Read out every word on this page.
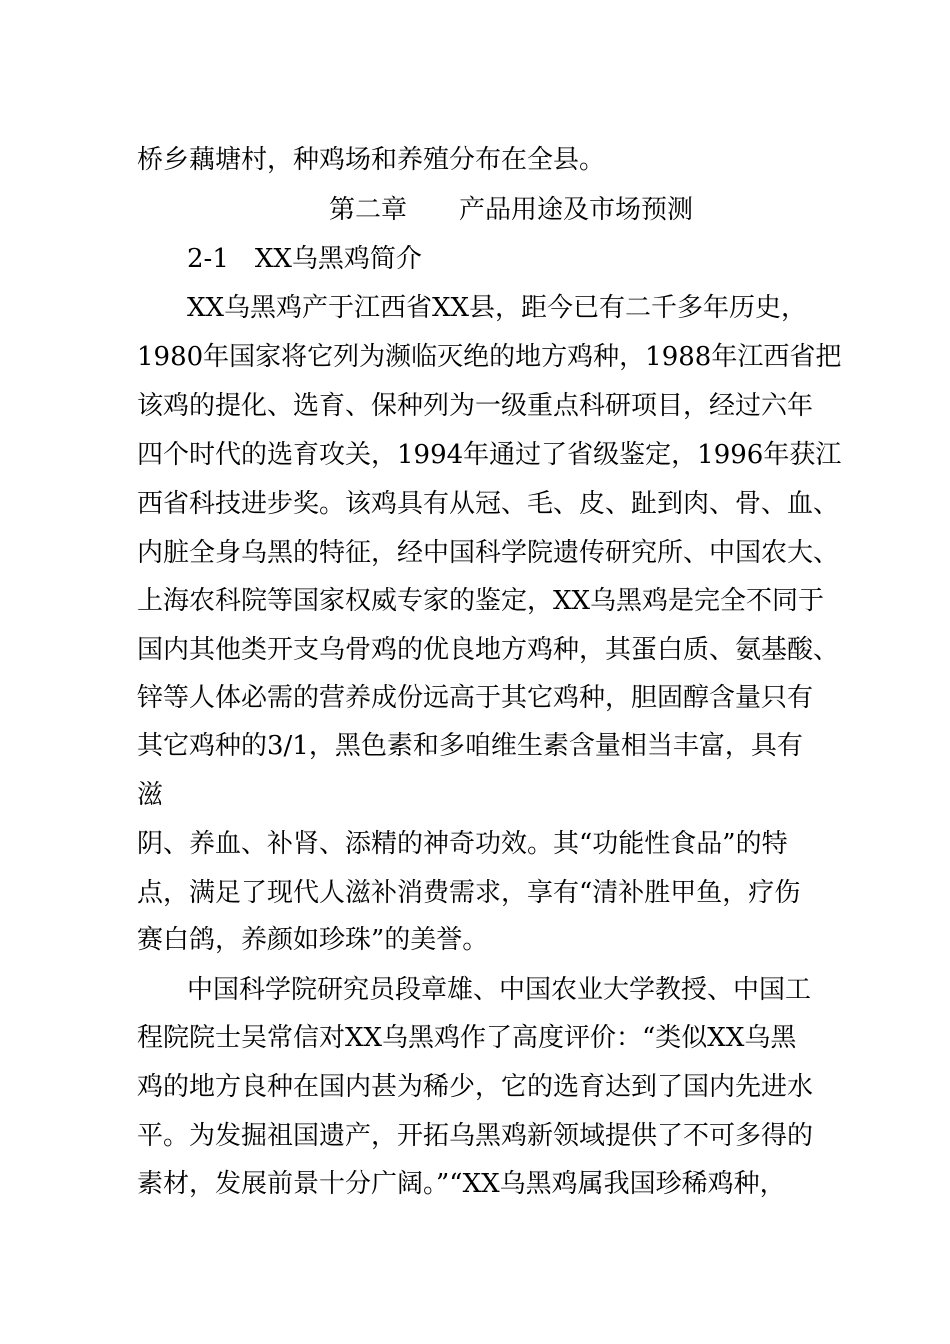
桥乡藕塘村，种鸡场和养殖分布在全县。

第二章　　产品用途及市场预测

2-1　XX乌黑鸡简介

XX乌黑鸡产于江西省XX县，距今已有二千多年历史，

1980年国家将它列为濒临灭绝的地方鸡种，1988年江西省把

该鸡的提化、选育、保种列为一级重点科研项目，经过六年

四个时代的选育攻关，1994年通过了省级鉴定，1996年获江

西省科技进步奖。该鸡具有从冠、毛、皮、趾到肉、骨、血、

内脏全身乌黑的特征，经中国科学院遗传研究所、中国农大、

上海农科院等国家权威专家的鉴定，XX乌黑鸡是完全不同于

国内其他类开支乌骨鸡的优良地方鸡种，其蛋白质、氨基酸、

锌等人体必需的营养成份远高于其它鸡种，胆固醇含量只有

其它鸡种的3/1，黑色素和多咱维生素含量相当丰富，具有

滋

阴、养血、补肾、添精的神奇功效。其“功能性食品”的特

点，满足了现代人滋补消费需求，享有“清补胜甲鱼，疗伤

赛白鸽，养颜如珍珠”的美誉。

中国科学院研究员段章雄、中国农业大学教授、中国工

程院院士吴常信对XX乌黑鸡作了高度评价：“类似XX乌黑

鸡的地方良种在国内甚为稀少，它的选育达到了国内先进水

平。为发掘祖国遗产，开拓乌黑鸡新领域提供了不可多得的

素材，发展前景十分广阔。”“XX乌黑鸡属我国珍稀鸡种，
